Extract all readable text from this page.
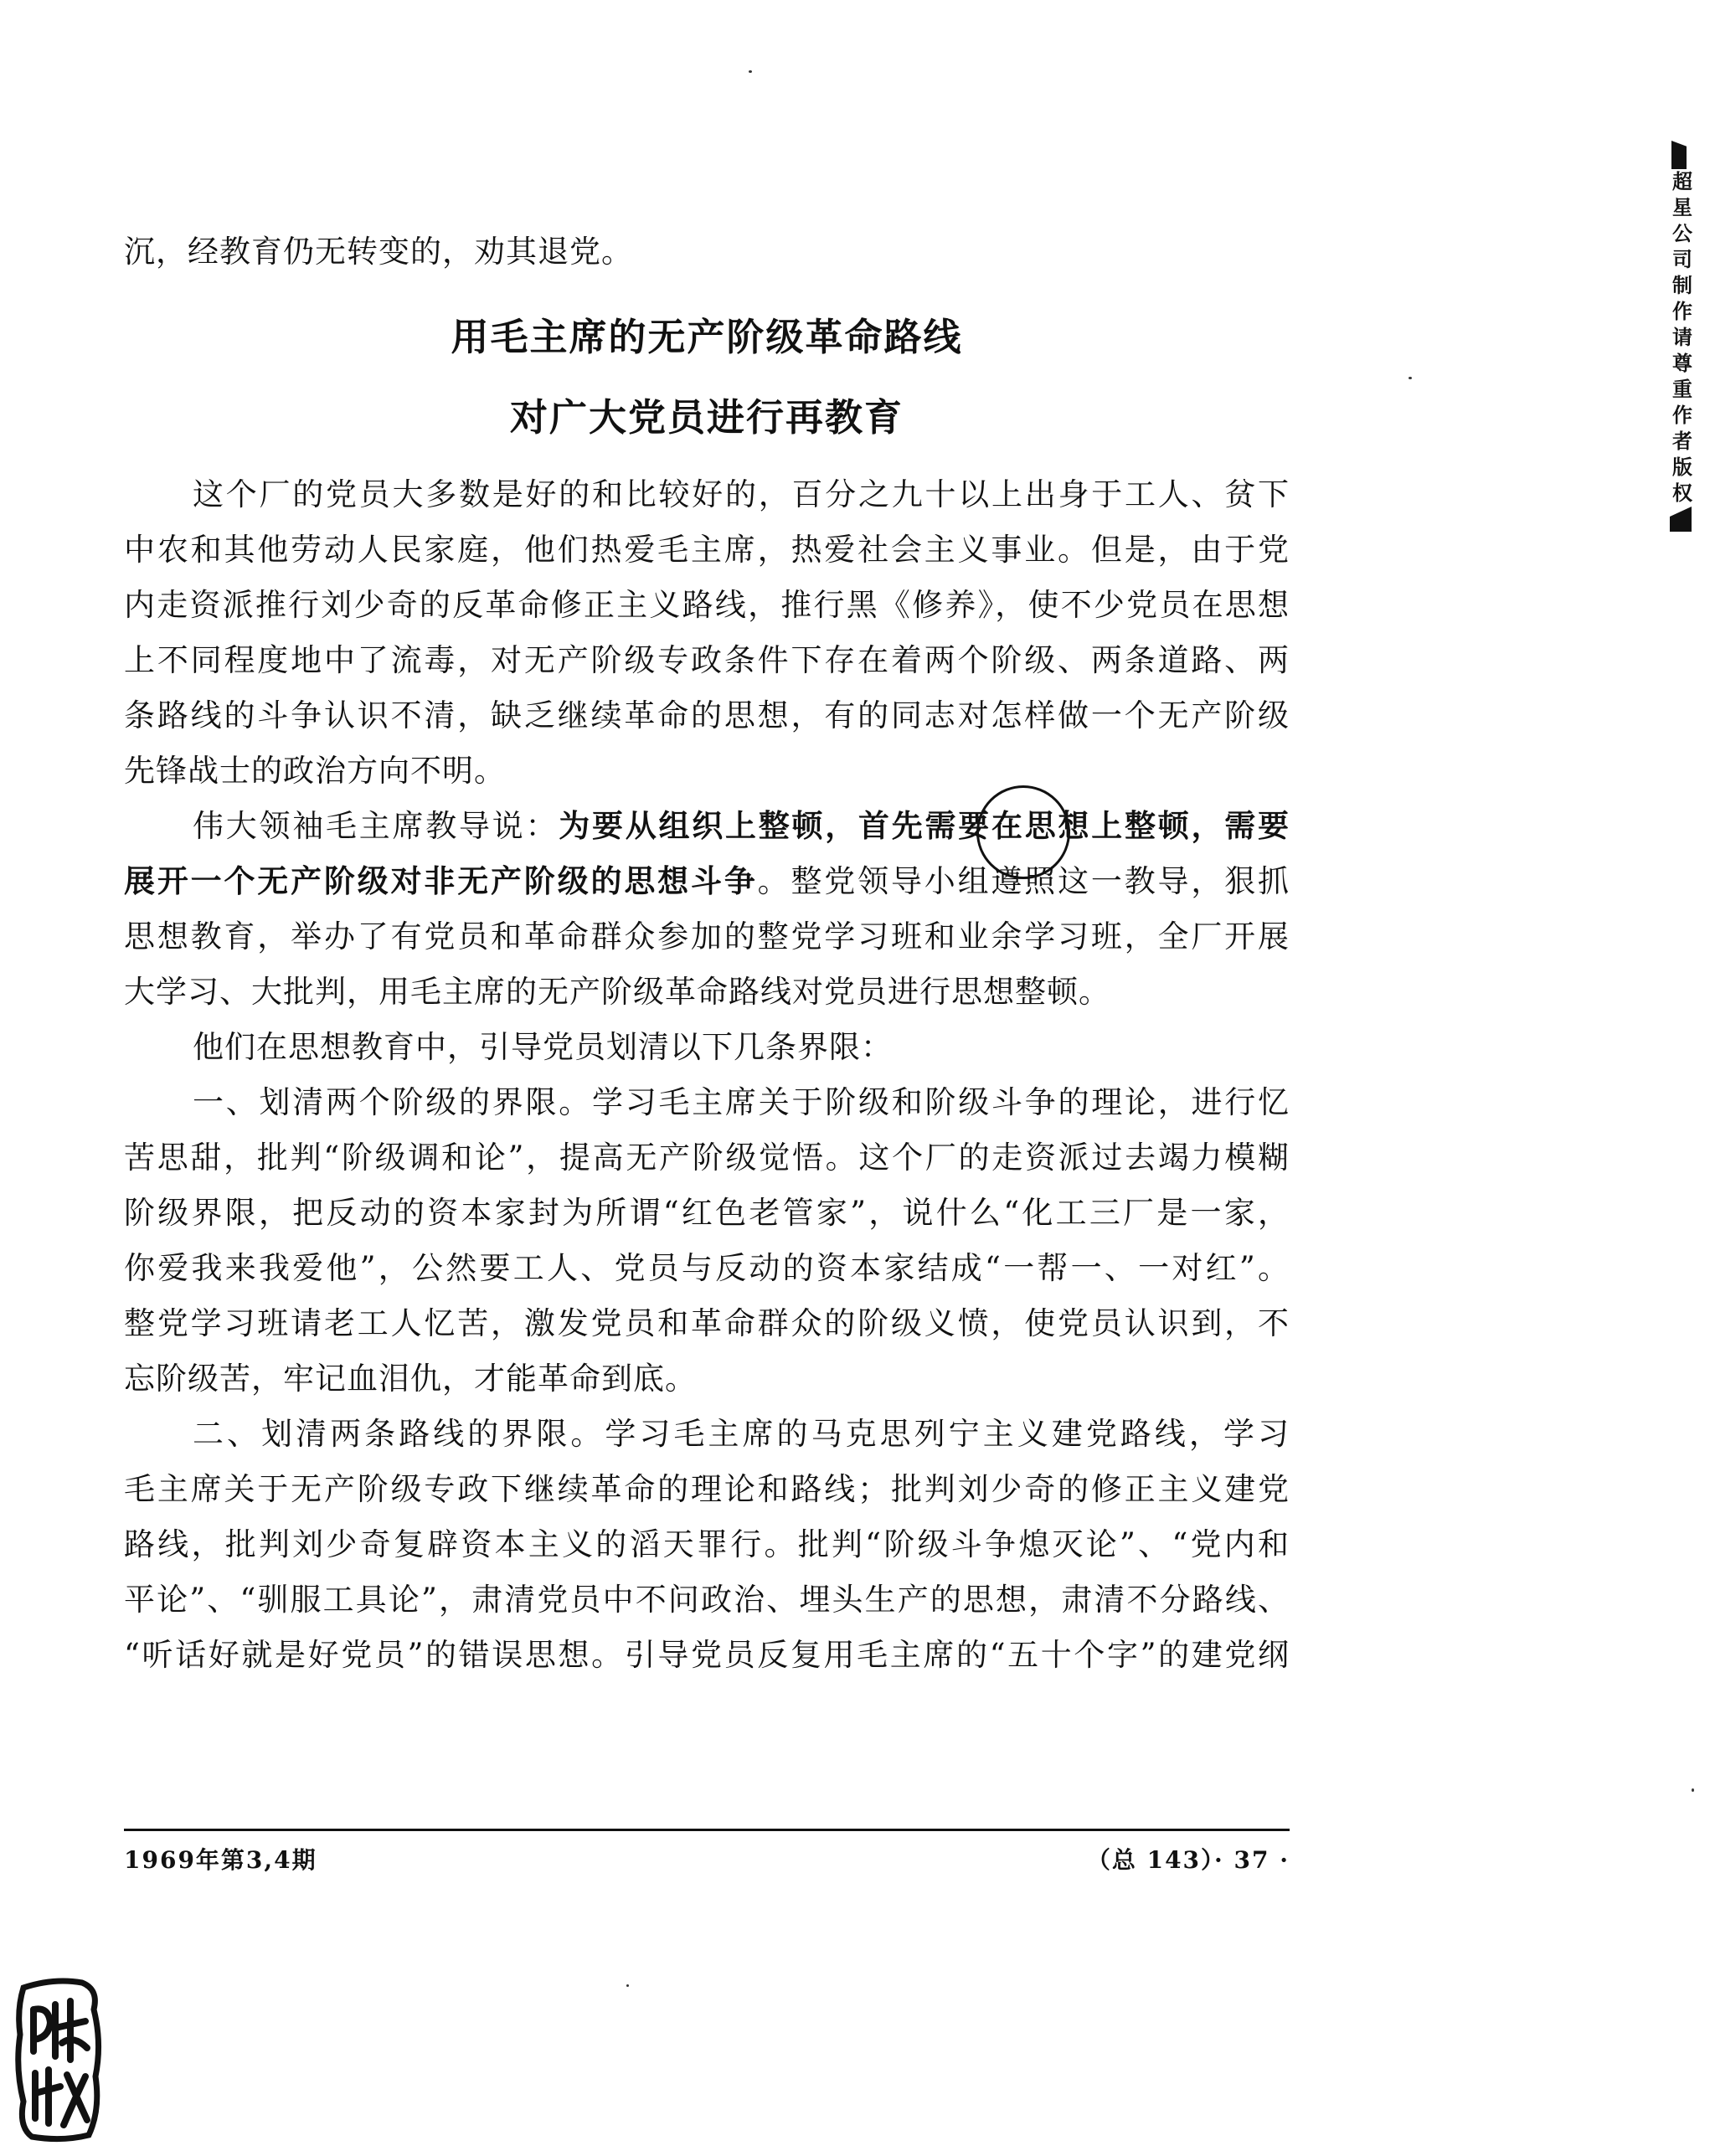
沉，经教育仍无转变的，劝其退党。
用毛主席的无产阶级革命路线
对广大党员进行再教育
这个厂的党员大多数是好的和比较好的，百分之九十以上出身于工人、贫下
中农和其他劳动人民家庭，他们热爱毛主席，热爱社会主义事业。但是，由于党
内走资派推行刘少奇的反革命修正主义路线，推行黑《修养》，使不少党员在思想
上不同程度地中了流毒，对无产阶级专政条件下存在着两个阶级、两条道路、两
条路线的斗争认识不清，缺乏继续革命的思想，有的同志对怎样做一个无产阶级
先锋战士的政治方向不明。
伟大领袖毛主席教导说：为要从组织上整顿，首先需要在思想上整顿，需要
展开一个无产阶级对非无产阶级的思想斗争。整党领导小组遵照这一教导，狠抓
思想教育，举办了有党员和革命群众参加的整党学习班和业余学习班，全厂开展
大学习、大批判，用毛主席的无产阶级革命路线对党员进行思想整顿。
他们在思想教育中，引导党员划清以下几条界限：
一、划清两个阶级的界限。学习毛主席关于阶级和阶级斗争的理论，进行忆
苦思甜，批判“阶级调和论”，提高无产阶级觉悟。这个厂的走资派过去竭力模糊
阶级界限，把反动的资本家封为所谓“红色老管家”，说什么“化工三厂是一家，
你爱我来我爱他”，公然要工人、党员与反动的资本家结成“一帮一、一对红”。
整党学习班请老工人忆苦，激发党员和革命群众的阶级义愤，使党员认识到，不
忘阶级苦，牢记血泪仇，才能革命到底。
二、划清两条路线的界限。学习毛主席的马克思列宁主义建党路线，学习
毛主席关于无产阶级专政下继续革命的理论和路线；批判刘少奇的修正主义建党
路线，批判刘少奇复辟资本主义的滔天罪行。批判“阶级斗争熄灭论”、“党内和
平论”、“驯服工具论”，肃清党员中不问政治、埋头生产的思想，肃清不分路线、
“听话好就是好党员”的错误思想。引导党员反复用毛主席的“五十个字”的建党纲
1969年第3,4期	（总 143）· 37 ·
超星公司制作请尊重作者版权
